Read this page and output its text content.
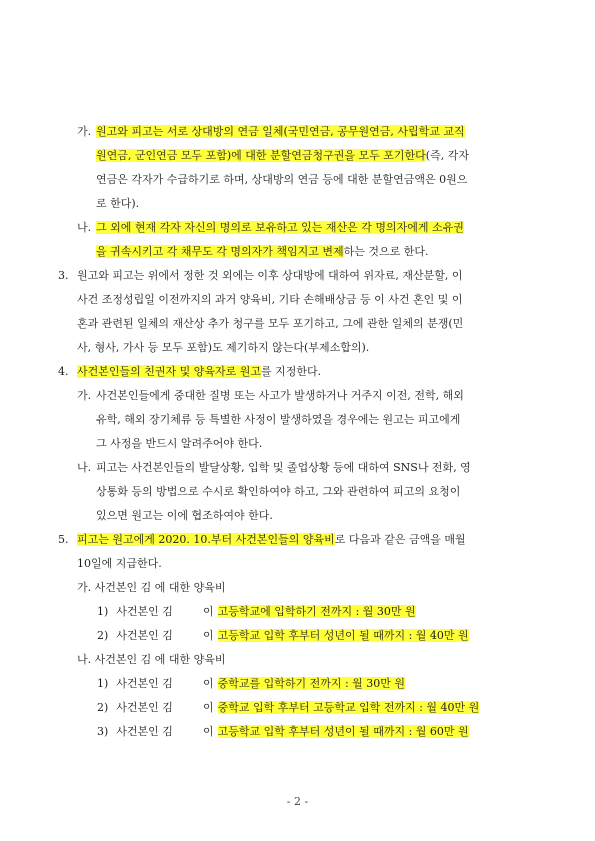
가. 원고와 피고는 서로 상대방의 연금 일체(국민연금, 공무원연금, 사립학교 교직
원연금, 군인연금 모두 포함)에 대한 분할연금청구권을 모두 포기한다(즉, 각자
연금은 각자가 수급하기로 하며, 상대방의 연금 등에 대한 분할연금액은 0원으
로 한다).
나. 그 외에 현재 각자 자신의 명의로 보유하고 있는 재산은 각 명의자에게 소유권
을 귀속시키고 각 채무도 각 명의자가 책임지고 변제하는 것으로 한다.
3. 원고와 피고는 위에서 정한 것 외에는 이후 상대방에 대하여 위자료, 재산분할, 이
사건 조정성립일 이전까지의 과거 양육비, 기타 손해배상금 등 이 사건 혼인 및 이
혼과 관련된 일체의 재산상 추가 청구를 모두 포기하고, 그에 관한 일체의 분쟁(민
사, 형사, 가사 등 모두 포함)도 제기하지 않는다(부제소합의).
4. 사건본인들의 친권자 및 양육자로 원고를 지정한다.
가. 사건본인들에게 중대한 질병 또는 사고가 발생하거나 거주지 이전, 전학, 해외
유학, 해외 장기체류 등 특별한 사정이 발생하였을 경우에는 원고는 피고에게
그 사정을 반드시 알려주어야 한다.
나. 피고는 사건본인들의 발달상황, 입학 및 졸업상황 등에 대하여 SNS나 전화, 영
상통화 등의 방법으로 수시로 확인하여야 하고, 그와 관련하여 피고의 요청이
있으면 원고는 이에 협조하여야 한다.
5. 피고는 원고에게 2020. 10.부터 사건본인들의 양육비로 다음과 같은 금액을 매월
10일에 지급한다.
가. 사건본인 김 에 대한 양육비
1) 사건본인 김	이 고등학교에 입학하기 전까지 : 월 30만 원
2) 사건본인 김	이 고등학교 입학 후부터 성년이 될 때까지 : 월 40만 원
나. 사건본인 김 에 대한 양육비
1) 사건본인 김	이 중학교를 입학하기 전까지 : 월 30만 원
2) 사건본인 김	이 중학교 입학 후부터 고등학교 입학 전까지 : 월 40만 원
3) 사건본인 김	이 고등학교 입학 후부터 성년이 될 때까지 : 월 60만 원
- 2 -
